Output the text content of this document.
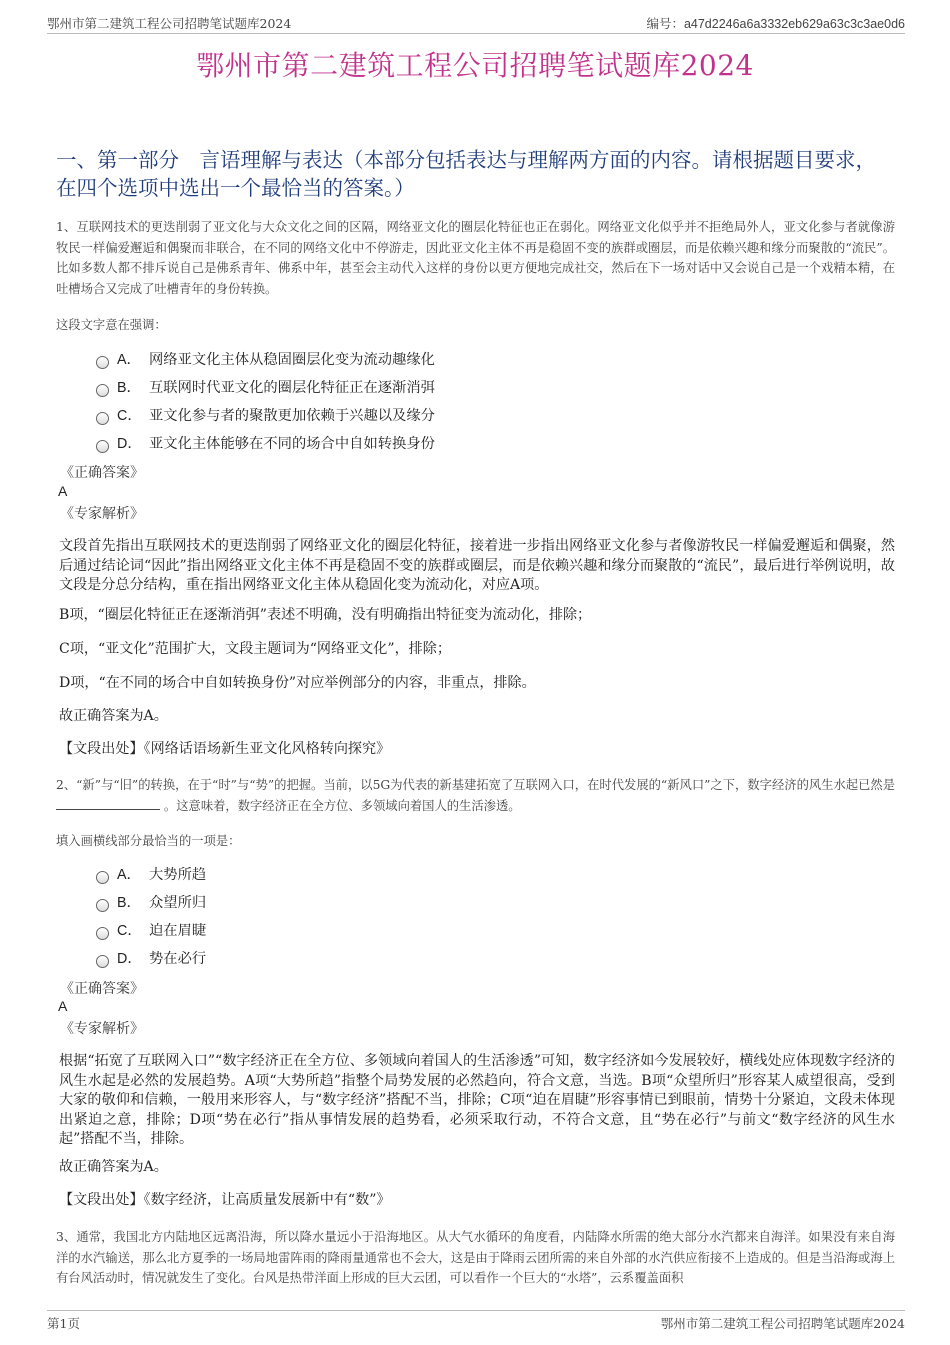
鄂州市第二建筑工程公司招聘笔试题库2024	编号：a47d2246a6a3332eb629a63c3c3ae0d6
鄂州市第二建筑工程公司招聘笔试题库2024
一、第一部分　言语理解与表达（本部分包括表达与理解两方面的内容。请根据题目要求，在四个选项中选出一个最恰当的答案。）
1、互联网技术的更迭削弱了亚文化与大众文化之间的区隔，网络亚文化的圈层化特征也正在弱化。网络亚文化似乎并不拒绝局外人，亚文化参与者就像游牧民一样偏爱邂逅和偶聚而非联合，在不同的网络文化中不停游走，因此亚文化主体不再是稳固不变的族群或圈层，而是依赖兴趣和缘分而聚散的“流民”。比如多数人都不排斥说自己是佛系青年、佛系中年，甚至会主动代入这样的身份以更方便地完成社交，然后在下一场对话中又会说自己是一个戏精本精，在吐槽场合又完成了吐槽青年的身份转换。
这段文字意在强调：
A． 网络亚文化主体从稳固圈层化变为流动趣缘化
B． 互联网时代亚文化的圈层化特征正在逐渐消弭
C． 亚文化参与者的聚散更加依赖于兴趣以及缘分
D． 亚文化主体能够在不同的场合中自如转换身份
《正确答案》
A
《专家解析》
文段首先指出互联网技术的更迭削弱了网络亚文化的圈层化特征，接着进一步指出网络亚文化参与者像游牧民一样偏爱邂逅和偶聚，然后通过结论词“因此”指出网络亚文化主体不再是稳固不变的族群或圈层，而是依赖兴趣和缘分而聚散的“流民”，最后进行举例说明，故文段是分总分结构，重在指出网络亚文化主体从稳固化变为流动化，对应A项。
B项，“圈层化特征正在逐渐消弭”表述不明确，没有明确指出特征变为流动化，排除；
C项，“亚文化”范围扩大，文段主题词为“网络亚文化”，排除；
D项，“在不同的场合中自如转换身份”对应举例部分的内容，非重点，排除。
故正确答案为A。
【文段出处】《网络话语场新生亚文化风格转向探究》
2、“新”与“旧”的转换，在于“时”与“势”的把握。当前，以5G为代表的新基建拓宽了互联网入口，在时代发展的“新风口”之下，数字经济的风生水起已然是  。这意味着，数字经济正在全方位、多领域向着国人的生活渗透。
填入画横线部分最恰当的一项是：
A． 大势所趋
B． 众望所归
C． 迫在眉睫
D． 势在必行
《正确答案》
A
《专家解析》
根据“拓宽了互联网入口”“数字经济正在全方位、多领域向着国人的生活渗透”可知，数字经济如今发展较好，横线处应体现数字经济的风生水起是必然的发展趋势。A项“大势所趋”指整个局势发展的必然趋向，符合文意，当选。B项“众望所归”形容某人威望很高，受到大家的敬仰和信赖，一般用来形容人，与“数字经济”搭配不当，排除；C项“迫在眉睫”形容事情已到眼前，情势十分紧迫，文段未体现出紧迫之意，排除；D项“势在必行”指从事情发展的趋势看，必须采取行动，不符合文意，且“势在必行”与前文“数字经济的风生水起”搭配不当，排除。
故正确答案为A。
【文段出处】《数字经济，让高质量发展新中有“数”》
3、通常，我国北方内陆地区远离沿海，所以降水量远小于沿海地区。从大气水循环的角度看，内陆降水所需的绝大部分水汽都来自海洋。如果没有来自海洋的水汽输送，那么北方夏季的一场局地雷阵雨的降雨量通常也不会大，这是由于降雨云团所需的来自外部的水汽供应衔接不上造成的。但是当沿海或海上有台风活动时，情况就发生了变化。台风是热带洋面上形成的巨大云团，可以看作一个巨大的“水塔”，云系覆盖面积
第1页	鄂州市第二建筑工程公司招聘笔试题库2024
